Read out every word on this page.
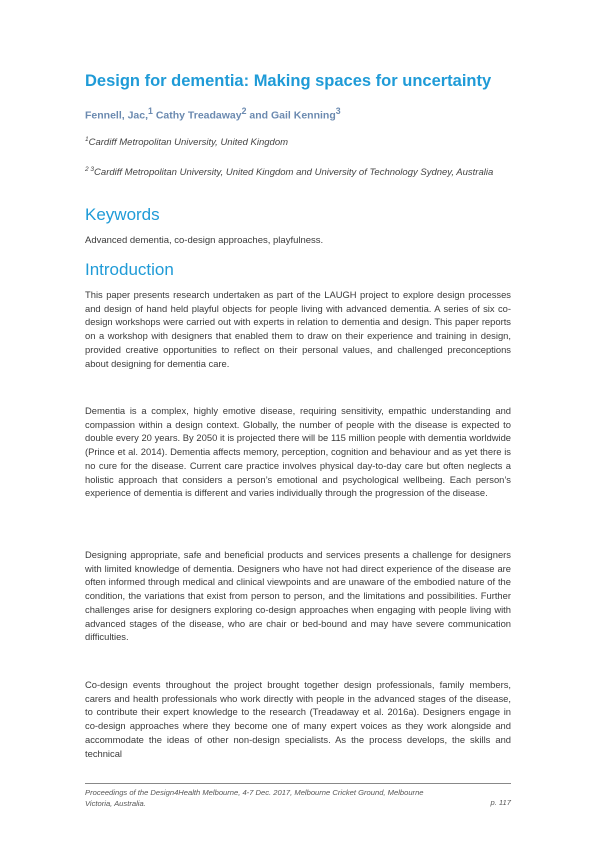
Design for dementia: Making spaces for uncertainty
Fennell, Jac,$^1$ Cathy Treadaway$^2$ and Gail Kenning$^3$
$^1$Cardiff Metropolitan University, United Kingdom
$^{2 3}$Cardiff Metropolitan University, United Kingdom and University of Technology Sydney, Australia
Keywords
Advanced dementia, co-design approaches, playfulness.
Introduction

This paper presents research undertaken as part of the LAUGH project to explore design processes and design of hand held playful objects for people living with advanced dementia. A series of six co-design workshops were carried out with experts in relation to dementia and design. This paper reports on a workshop with designers that enabled them to draw on their experience and training in design, provided creative opportunities to reflect on their personal values, and challenged preconceptions about designing for dementia care.

Dementia is a complex, highly emotive disease, requiring sensitivity, empathic understanding and compassion within a design context. Globally, the number of people with the disease is expected to double every 20 years. By 2050 it is projected there will be 115 million people with dementia worldwide (Prince et al. 2014). Dementia affects memory, perception, cognition and behaviour and as yet there is no cure for the disease. Current care practice involves physical day-to-day care but often neglects a holistic approach that considers a person’s emotional and psychological wellbeing. Each person’s experience of dementia is different and varies individually through the progression of the disease.

Designing appropriate, safe and beneficial products and services presents a challenge for designers with limited knowledge of dementia. Designers who have not had direct experience of the disease are often informed through medical and clinical viewpoints and are unaware of the embodied nature of the condition, the variations that exist from person to person, and the limitations and possibilities. Further challenges arise for designers exploring co-design approaches when engaging with people living with advanced stages of the disease, who are chair or bed-bound and may have severe communication difficulties.

Co-design events throughout the project brought together design professionals, family members, carers and health professionals who work directly with people in the advanced stages of the disease, to contribute their expert knowledge to the research (Treadaway et al. 2016a). Designers engage in co-design approaches where they become one of many expert voices as they work alongside and accommodate the ideas of other non-design specialists. As the process develops, the skills and technical

Proceedings of the Design4Health Melbourne, 4-7 Dec. 2017, Melbourne Cricket Ground, Melbourne Victoria, Australia.	p. 117
